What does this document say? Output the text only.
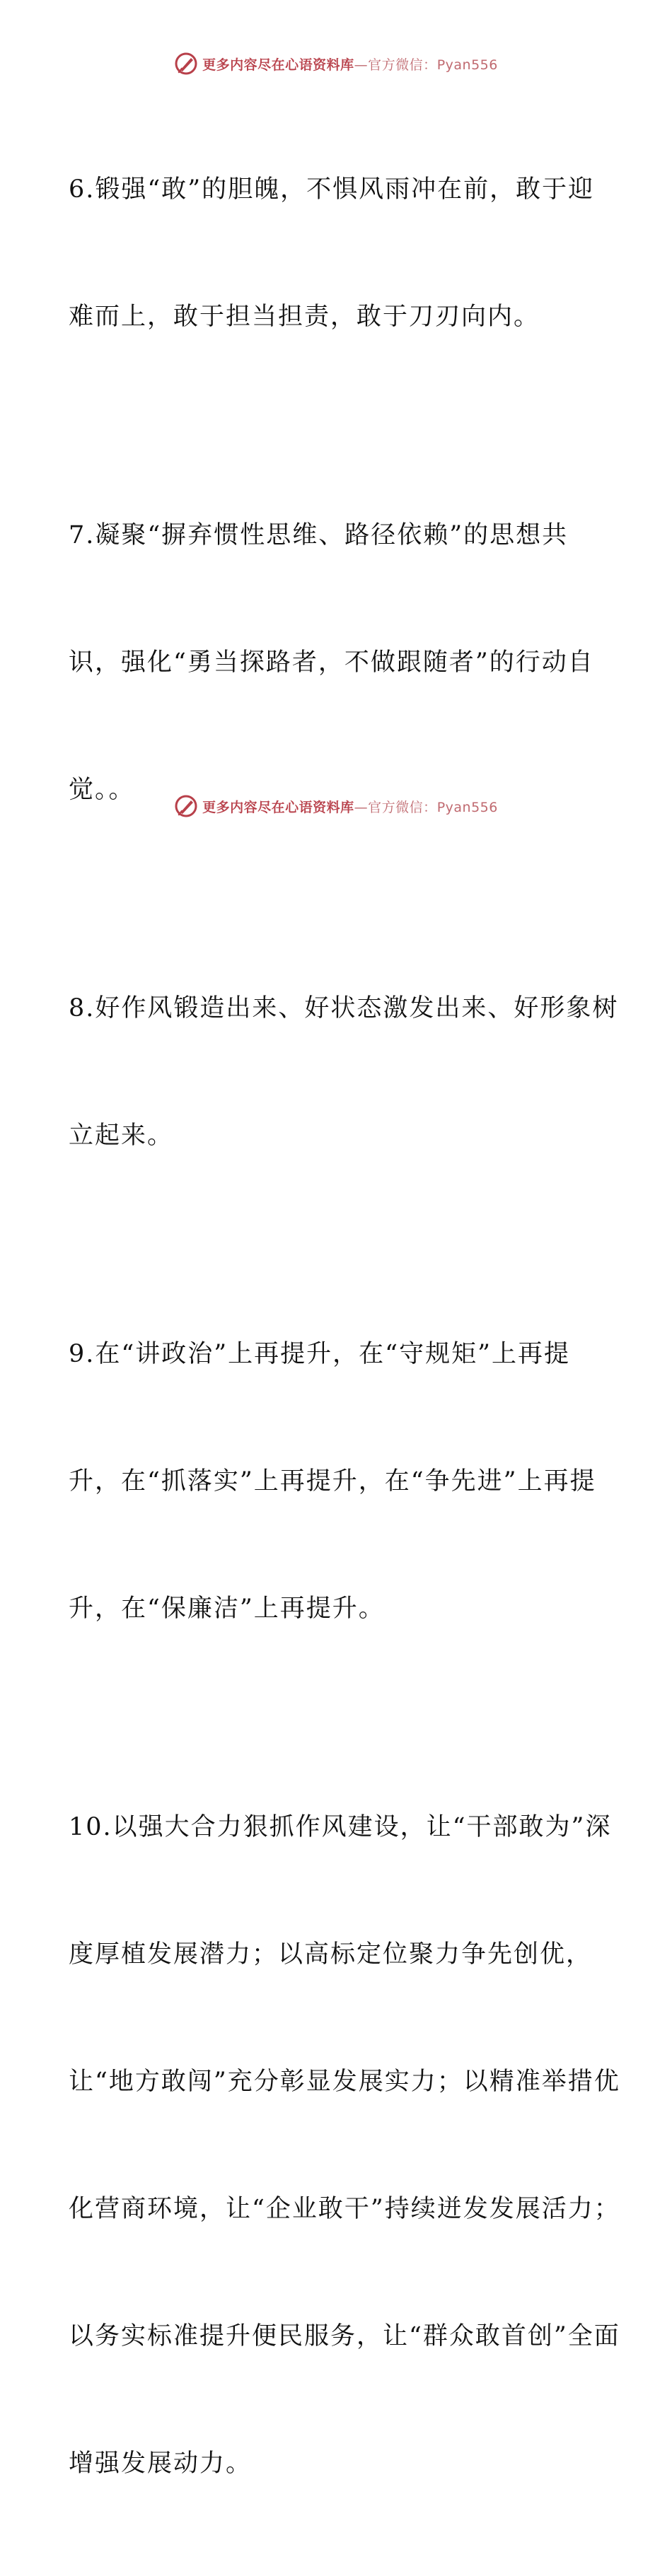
更多内容尽在心语资料库—官方微信：Pyan556

6.锻强“敢”的胆魄，不惧风雨冲在前，敢于迎

难而上，敢于担当担责，敢于刀刃向内。

7.凝聚“摒弃惯性思维、路径依赖”的思想共

识，强化“勇当探路者，不做跟随者”的行动自

觉。。

8.好作风锻造出来、好状态激发出来、好形象树

立起来。

9.在“讲政治”上再提升，在“守规矩”上再提

升，在“抓落实”上再提升，在“争先进”上再提

升，在“保廉洁”上再提升。

10.以强大合力狠抓作风建设，让“干部敢为”深

度厚植发展潜力；以高标定位聚力争先创优，

让“地方敢闯”充分彰显发展实力；以精准举措优

化营商环境，让“企业敢干”持续迸发发展活力；

以务实标准提升便民服务，让“群众敢首创”全面

增强发展动力。

更多内容尽在心语资料库—官方微信：Pyan556
